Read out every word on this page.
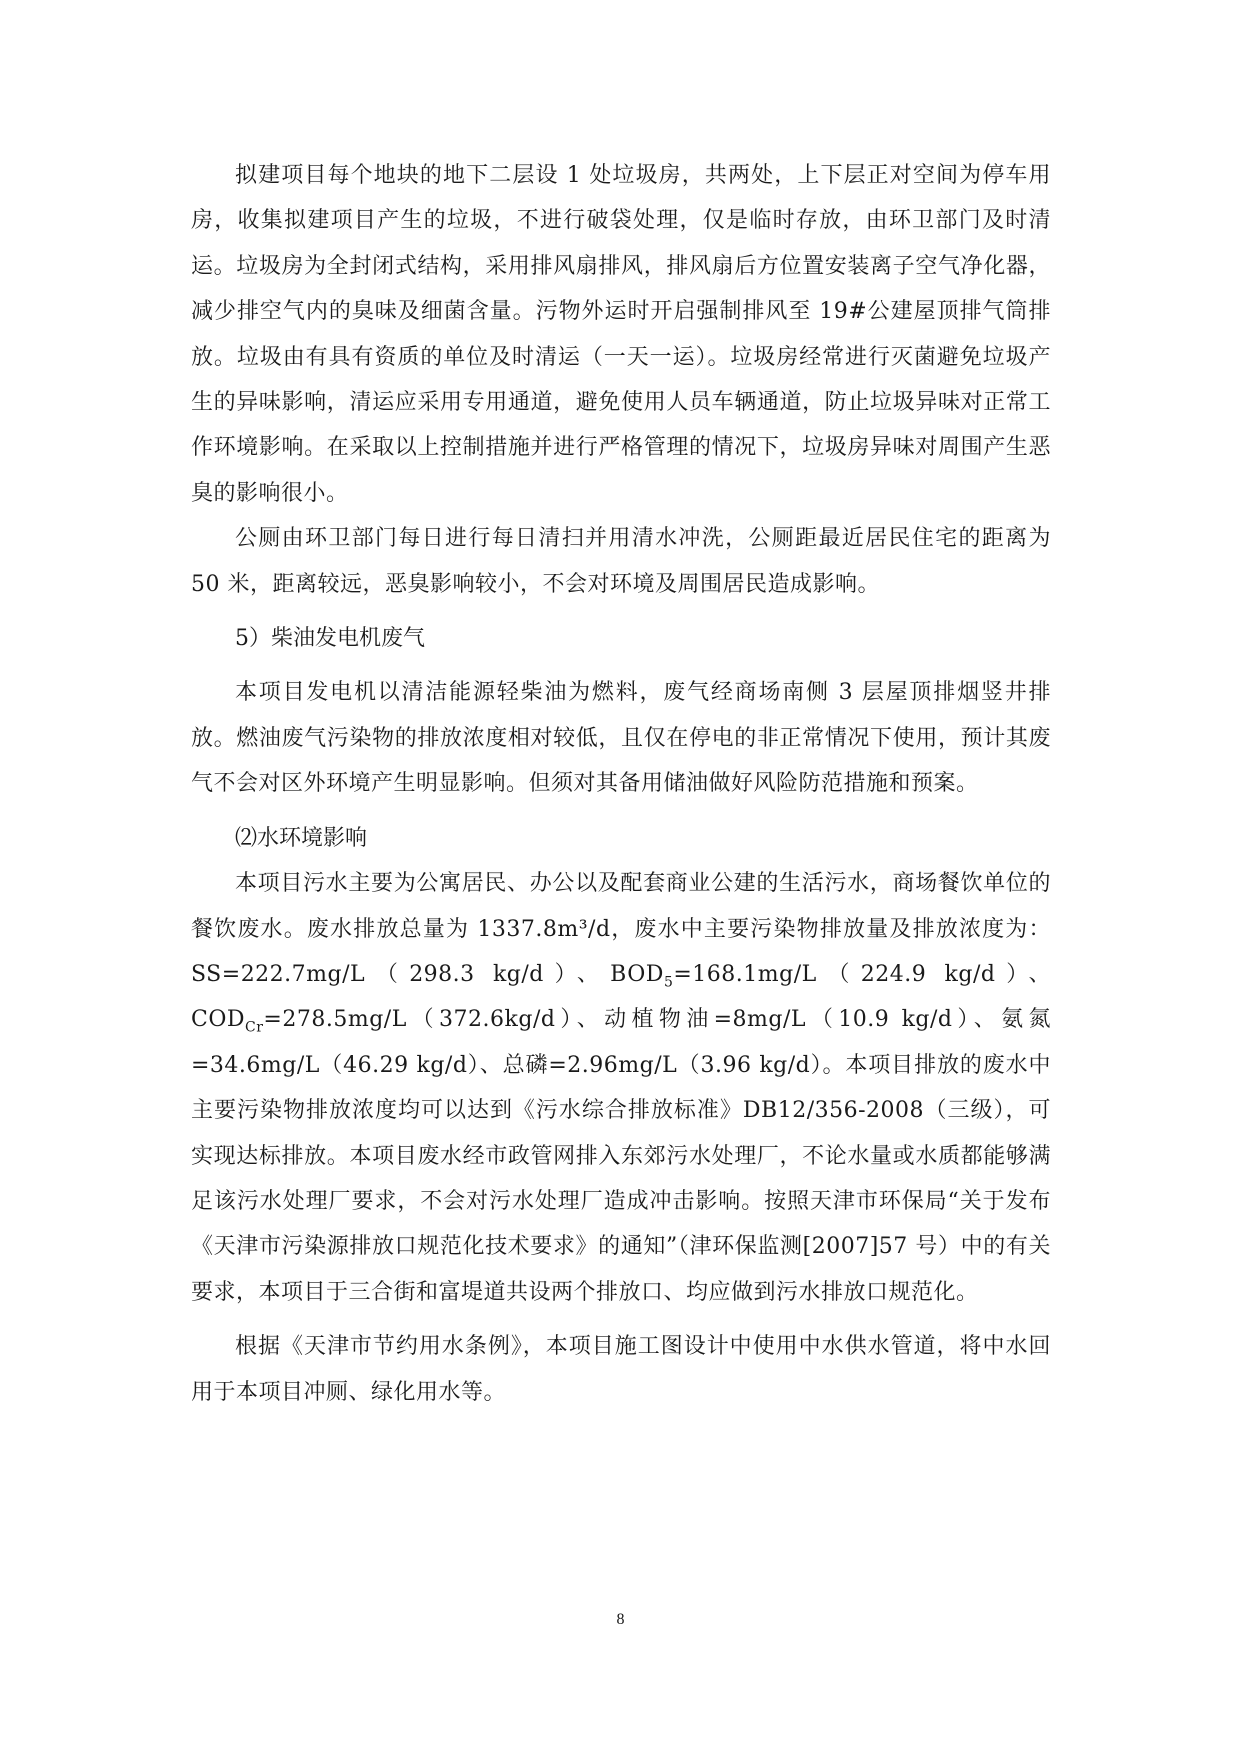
拟建项目每个地块的地下二层设 1 处垃圾房，共两处，上下层正对空间为停车用房，收集拟建项目产生的垃圾，不进行破袋处理，仅是临时存放，由环卫部门及时清运。垃圾房为全封闭式结构，采用排风扇排风，排风扇后方位置安装离子空气净化器，减少排空气内的臭味及细菌含量。污物外运时开启强制排风至 19#公建屋顶排气筒排放。垃圾由有具有资质的单位及时清运（一天一运）。垃圾房经常进行灭菌避免垃圾产生的异味影响，清运应采用专用通道，避免使用人员车辆通道，防止垃圾异味对正常工作环境影响。在采取以上控制措施并进行严格管理的情况下，垃圾房异味对周围产生恶臭的影响很小。

公厕由环卫部门每日进行每日清扫并用清水冲洗，公厕距最近居民住宅的距离为 50 米，距离较远，恶臭影响较小，不会对环境及周围居民造成影响。

5）柴油发电机废气

本项目发电机以清洁能源轻柴油为燃料，废气经商场南侧 3 层屋顶排烟竖井排放。燃油废气污染物的排放浓度相对较低，且仅在停电的非正常情况下使用，预计其废气不会对区外环境产生明显影响。但须对其备用储油做好风险防范措施和预案。

⑵水环境影响

本项目污水主要为公寓居民、办公以及配套商业公建的生活污水，商场餐饮单位的餐饮废水。废水排放总量为 1337.8m³/d，废水中主要污染物排放量及排放浓度为： SS=222.7mg/L（298.3 kg/d）、$BOD_5=168.1mg/L(224.9$ kg/d）、$COD_{Cr}=278.5mg/L(372.6kg/d)$、动植物油=8mg/L（10.9 kg/d）、氨氮=34.6mg/L（46.29 kg/d）、总磷=2.96mg/L（3.96 kg/d）。本项目排放的废水中主要污染物排放浓度均可以达到《污水综合排放标准》DB12/356-2008（三级），可实现达标排放。本项目废水经市政管网排入东郊污水处理厂，不论水量或水质都能够满足该污水处理厂要求，不会对污水处理厂造成冲击影响。按照天津市环保局“关于发布《天津市污染源排放口规范化技术要求》的通知”（津环保监测[2007]57 号）中的有关要求，本项目于三合街和富堤道共设两个排放口、均应做到污水排放口规范化。

根据《天津市节约用水条例》，本项目施工图设计中使用中水供水管道，将中水回用于本项目冲厕、绿化用水等。

8
